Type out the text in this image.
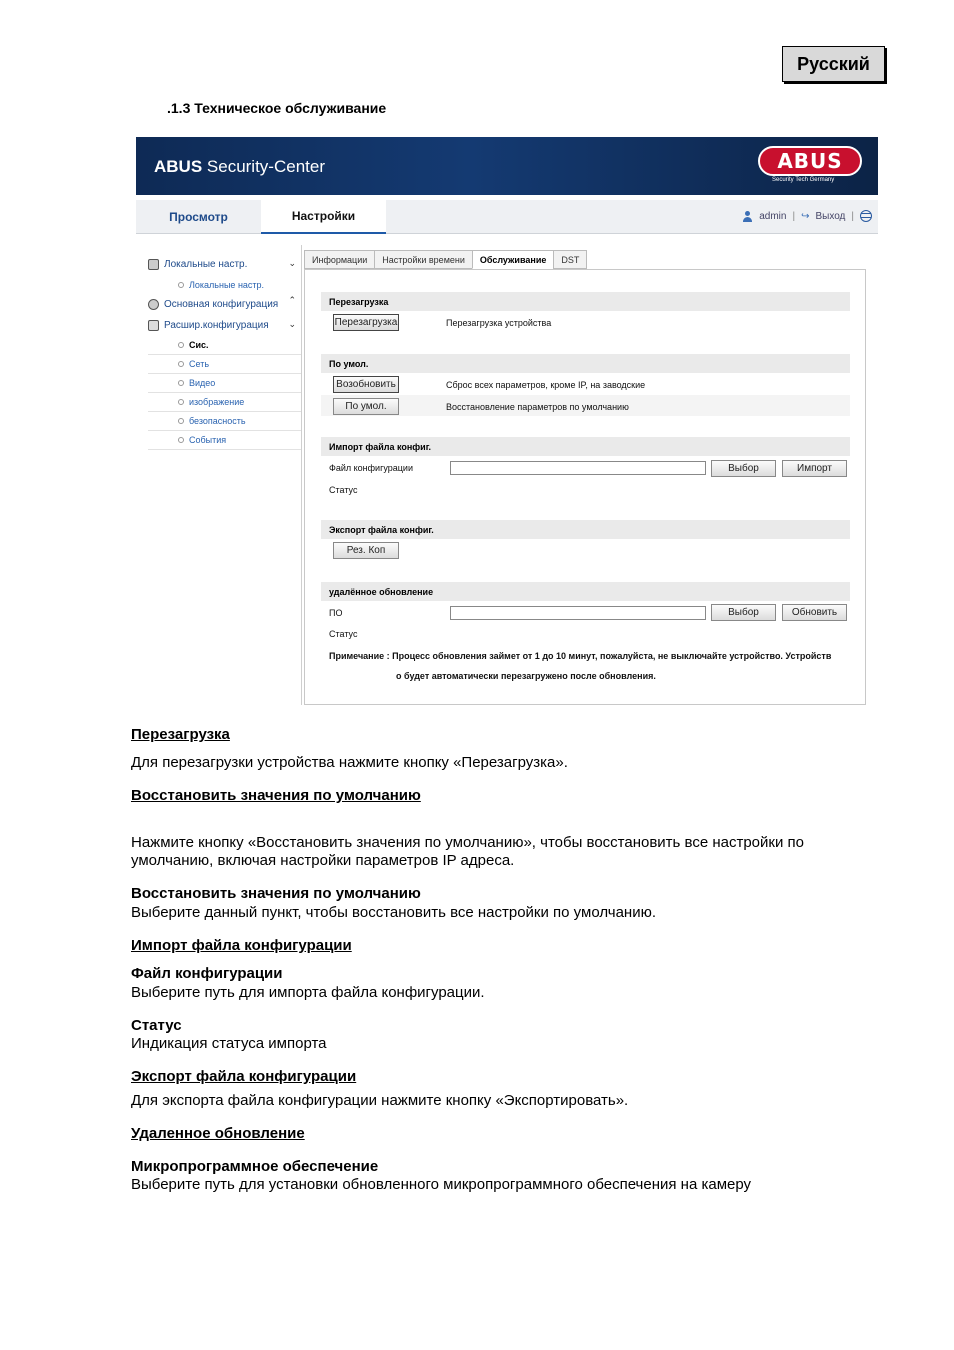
Русский
.1.3 Техническое обслуживание
ABUS Security-Center	ABUS
Security Tech Germany
Просмотр	Настройки	admin | ↪ Выход |
Локальные настр.	⌄
Локальные настр.
Основная конфигурация ⌃
Расшир.конфигурация ⌄
Сис.
Сеть
Видео
изображение
безопасность
События
Информации	Настройки времени	Обслуживание	DST
Перезагрузка
Перезагрузка	Перезагрузка устройства
По умол.
Возобновить	Сброс всех параметров, кроме IP, на заводские
По умол.	Восстановление параметров по умолчанию
Импорт файла конфиг.
Файл конфигурации	Выбор	Импорт
Статус
Экспорт файла конфиг.
Рез. Коп
удалённое обновление
ПО	Выбор	Обновить
Статус
Примечание : Процесс обновления займет от 1 до 10 минут, пожалуйста, не выключайте устройство. Устройств
о будет автоматически перезагружено после обновления.
Перезагрузка
Для перезагрузки устройства нажмите кнопку «Перезагрузка».
Восстановить значения по умолчанию
Нажмите кнопку «Восстановить значения по умолчанию», чтобы восстановить все настройки по
умолчанию, включая настройки параметров IP адреса.
Восстановить значения по умолчанию
Выберите данный пункт, чтобы восстановить все настройки по умолчанию.
Импорт файла конфигурации
Файл конфигурации
Выберите путь для импорта файла конфигурации.
Статус
Индикация статуса импорта
Экспорт файла конфигурации
Для экспорта файла конфигурации нажмите кнопку «Экспортировать».
Удаленное обновление
Микропрограммное обеспечение
Выберите путь для установки обновленного микропрограммного обеспечения на камеру
